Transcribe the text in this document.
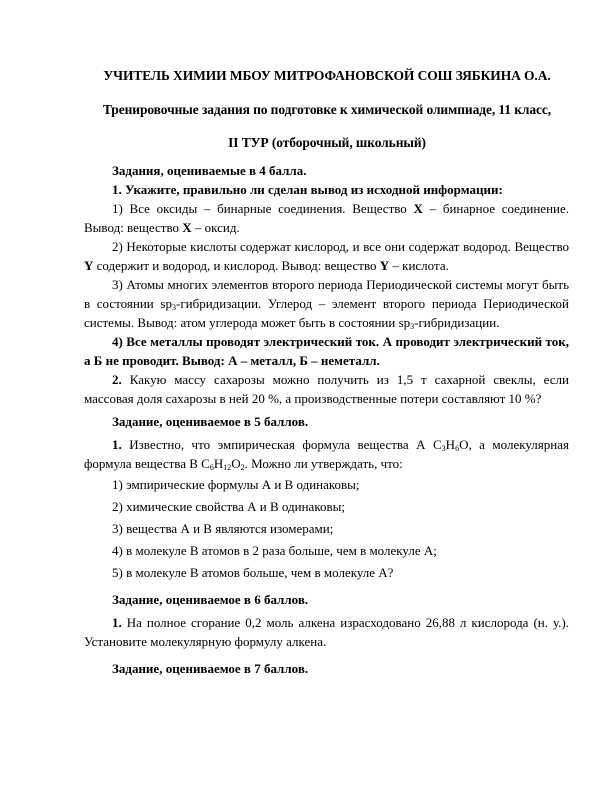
УЧИТЕЛЬ ХИМИИ МБОУ МИТРОФАНОВСКОЙ СОШ ЗЯБКИНА О.А.
Тренировочные задания по подготовке к химической олимпиаде, 11 класс,
II ТУР (отборочный, школьный)

Задания, оцениваемые в 4 балла.

1. Укажите, правильно ли сделан вывод из исходной информации:

1) Все оксиды – бинарные соединения. Вещество Х – бинарное соединение. Вывод: вещество Х – оксид.

2) Некоторые кислоты содержат кислород, и все они содержат водород. Вещество Y содержит и водород, и кислород. Вывод: вещество Y – кислота.

3) Атомы многих элементов второго периода Периодической системы могут быть в состоянии $sp_3$-гибридизации. Углерод – элемент второго периода Периодической системы. Вывод: атом углерода может быть в состоянии $sp_3$-гибридизации.

4) Все металлы проводят электрический ток. А проводит электрический ток, а Б не проводит. Вывод: А – металл, Б – неметалл.

2. Какую массу сахарозы можно получить из 1,5 т сахарной свеклы, если массовая доля сахарозы в ней 20 %, а производственные потери составляют 10 %?

Задание, оцениваемое в 5 баллов.

1. Известно, что эмпирическая формула вещества А $С_3Н_6О$, а молекулярная формула вещества В $С_6Н_{12}О_2$. Можно ли утверждать, что:

1) эмпирические формулы А и В одинаковы;

2) химические свойства А и В одинаковы;

3) вещества А и В являются изомерами;

4) в молекуле В атомов в 2 раза больше, чем в молекуле А;

5) в молекуле В атомов больше, чем в молекуле А?

Задание, оцениваемое в 6 баллов.

1. На полное сгорание 0,2 моль алкена израсходовано 26,88 л кислорода (н. у.). Установите молекулярную формулу алкена.

Задание, оцениваемое в 7 баллов.
